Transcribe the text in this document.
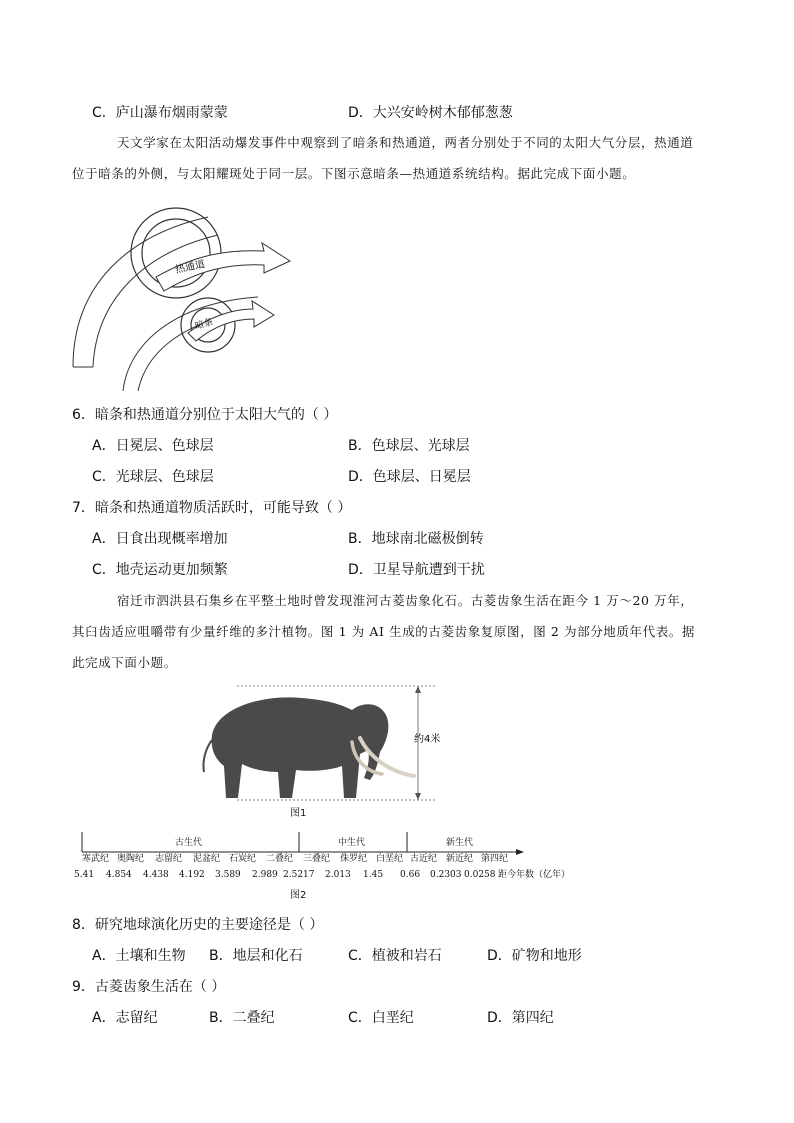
C．庐山瀑布烟雨蒙蒙	D．大兴安岭树木郁郁葱葱
天文学家在太阳活动爆发事件中观察到了暗条和热通道，两者分别处于不同的太阳大气分层，热通道
位于暗条的外侧，与太阳耀斑处于同一层。下图示意暗条—热通道系统结构。据此完成下面小题。
热通道
暗条
6．暗条和热通道分别位于太阳大气的（ ）
A．日冕层、色球层	B．色球层、光球层
C．光球层、色球层	D．色球层、日冕层
7．暗条和热通道物质活跃时，可能导致（ ）
A．日食出现概率增加	B．地球南北磁极倒转
C．地壳运动更加频繁	D．卫星导航遭到干扰
宿迁市泗洪县石集乡在平整土地时曾发现淮河古菱齿象化石。古菱齿象生活在距今 1 万～20 万年，
其臼齿适应咀嚼带有少量纤维的多汁植物。图 1 为 AI 生成的古菱齿象复原图，图 2 为部分地质年代表。据
此完成下面小题。
约4米
图1
古生代	中生代	新生代
寒武纪 奥陶纪 志留纪 泥盆纪 石炭纪 二叠纪 三叠纪 侏罗纪 白垩纪 古近纪 新近纪 第四纪
5.41 4.854 4.438 4.192 3.589 2.989 2.5217 2.013 1.45 0.66 0.2303 0.0258 距今年数（亿年）
图2
8．研究地球演化历史的主要途径是（ ）
A．土壤和生物 B．地层和化石	C．植被和岩石	D．矿物和地形
9．古菱齿象生活在（ ）
A．志留纪	B．二叠纪	C．白垩纪	D．第四纪
